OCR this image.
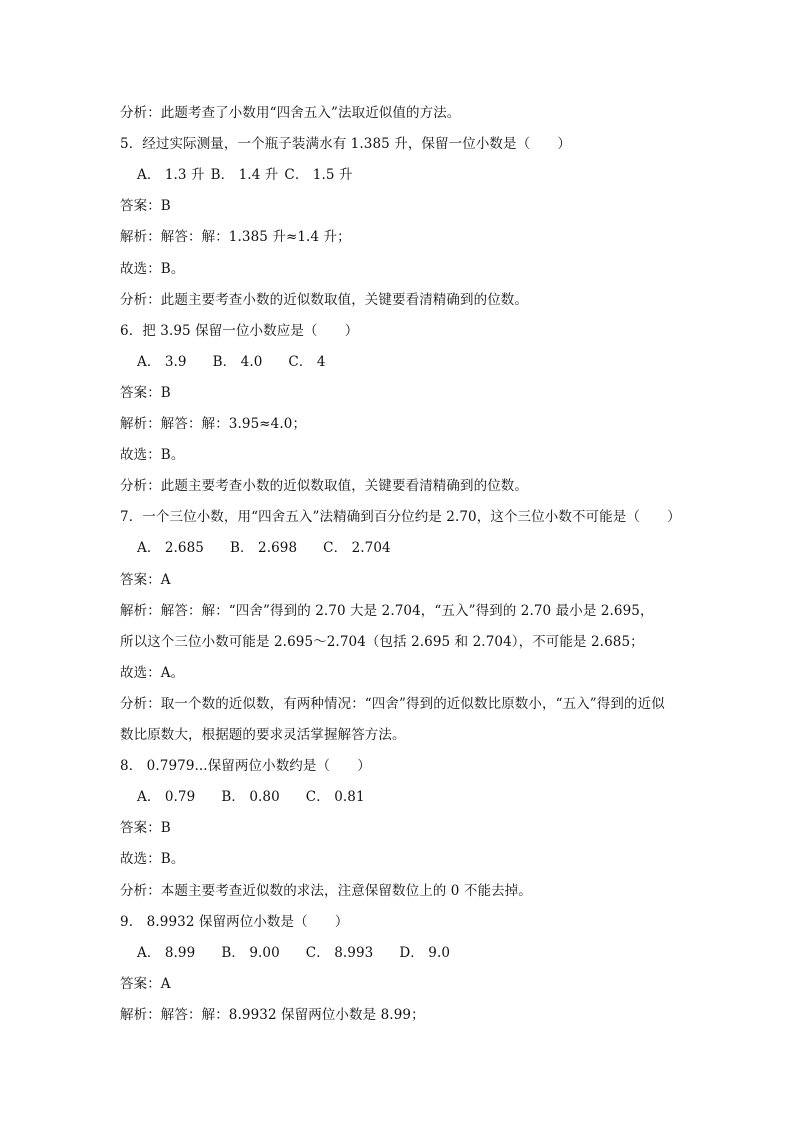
分析：此题考查了小数用“四舍五入”法取近似值的方法。
5．经过实际测量，一个瓶子装满水有 1.385 升，保留一位小数是（　　）
A． 1.3 升 B． 1.4 升 C． 1.5 升
答案：B
解析：解答：解：1.385 升≈1.4 升；
故选：B。
分析：此题主要考查小数的近似数取值，关键要看清精确到的位数。
6．把 3.95 保留一位小数应是（　　）
A． 3.9 B． 4.0 C． 4
答案：B
解析：解答：解：3.95≈4.0；
故选：B。
分析：此题主要考查小数的近似数取值，关键要看清精确到的位数。
7．一个三位小数，用“四舍五入”法精确到百分位约是 2.70，这个三位小数不可能是（　　）
A． 2.685 B． 2.698 C． 2.704
答案：A
解析：解答：解：“四舍”得到的 2.70 大是 2.704，“五入”得到的 2.70 最小是 2.695，
所以这个三位小数可能是 2.695～2.704（包括 2.695 和 2.704），不可能是 2.685；
故选：A。
分析：取一个数的近似数，有两种情况：“四舍”得到的近似数比原数小，“五入”得到的近似
数比原数大，根据题的要求灵活掌握解答方法。
8． 0.7979...保留两位小数约是（　　）
A． 0.79 B． 0.80 C． 0.81
答案：B
故选：B。
分析：本题主要考查近似数的求法，注意保留数位上的 0 不能去掉。
9． 8.9932 保留两位小数是（　　）
A． 8.99 B． 9.00 C． 8.993 D． 9.0
答案：A
解析：解答：解：8.9932 保留两位小数是 8.99；
